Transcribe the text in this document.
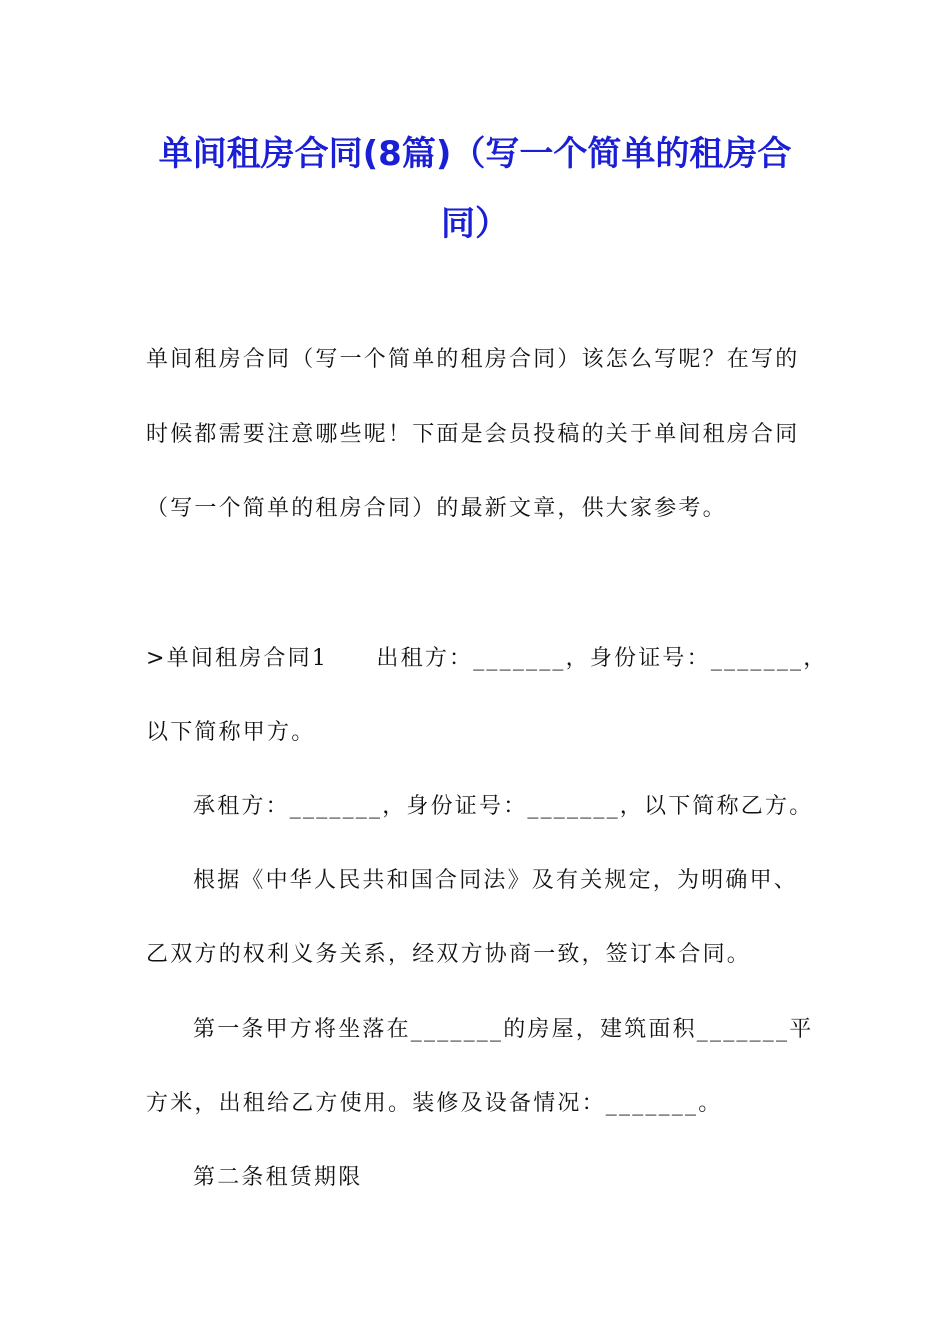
单间租房合同(8篇)（写一个简单的租房合
同）

单间租房合同（写一个简单的租房合同）该怎么写呢？在写的

时候都需要注意哪些呢！下面是会员投稿的关于单间租房合同

（写一个简单的租房合同）的最新文章，供大家参考。

>单间租房合同1　　出租方：_______，身份证号：_______，

以下简称甲方。

承租方：_______，身份证号：_______，以下简称乙方。

根据《中华人民共和国合同法》及有关规定，为明确甲、

乙双方的权利义务关系，经双方协商一致，签订本合同。

第一条甲方将坐落在_______的房屋，建筑面积_______平

方米，出租给乙方使用。装修及设备情况：_______。

第二条租赁期限
